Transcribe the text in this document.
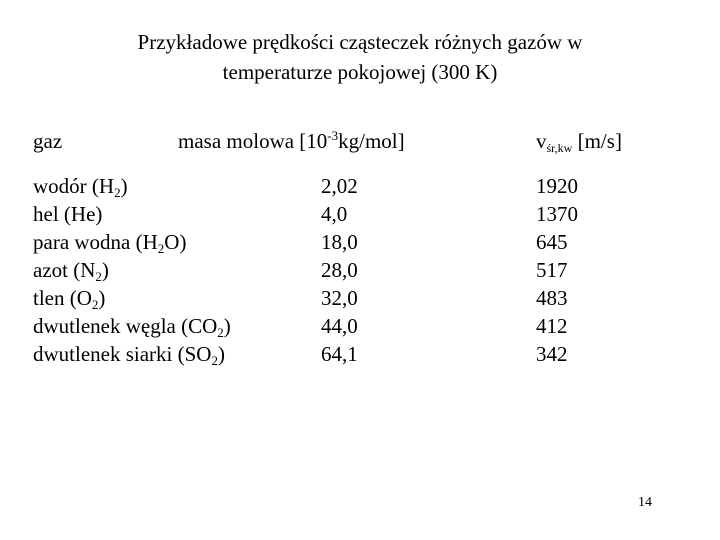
Przykładowe prędkości cząsteczek różnych gazów w
temperaturze pokojowej (300 K)
gaz	masa molowa $[10^{-3}kg/mol]$	$v_{śr,kw}$ [m/s]
wodór $(H_2)$
hel (He)
para wodna $(H_2O)$
azot $(N_2)$
tlen $(O_2)$
dwutlenek węgla $(CO_2)$
dwutlenek siarki $(SO_2)$
2,02
4,0
18,0
28,0
32,0
44,0
64,1
1920
1370
645
517
483
412
342
14
